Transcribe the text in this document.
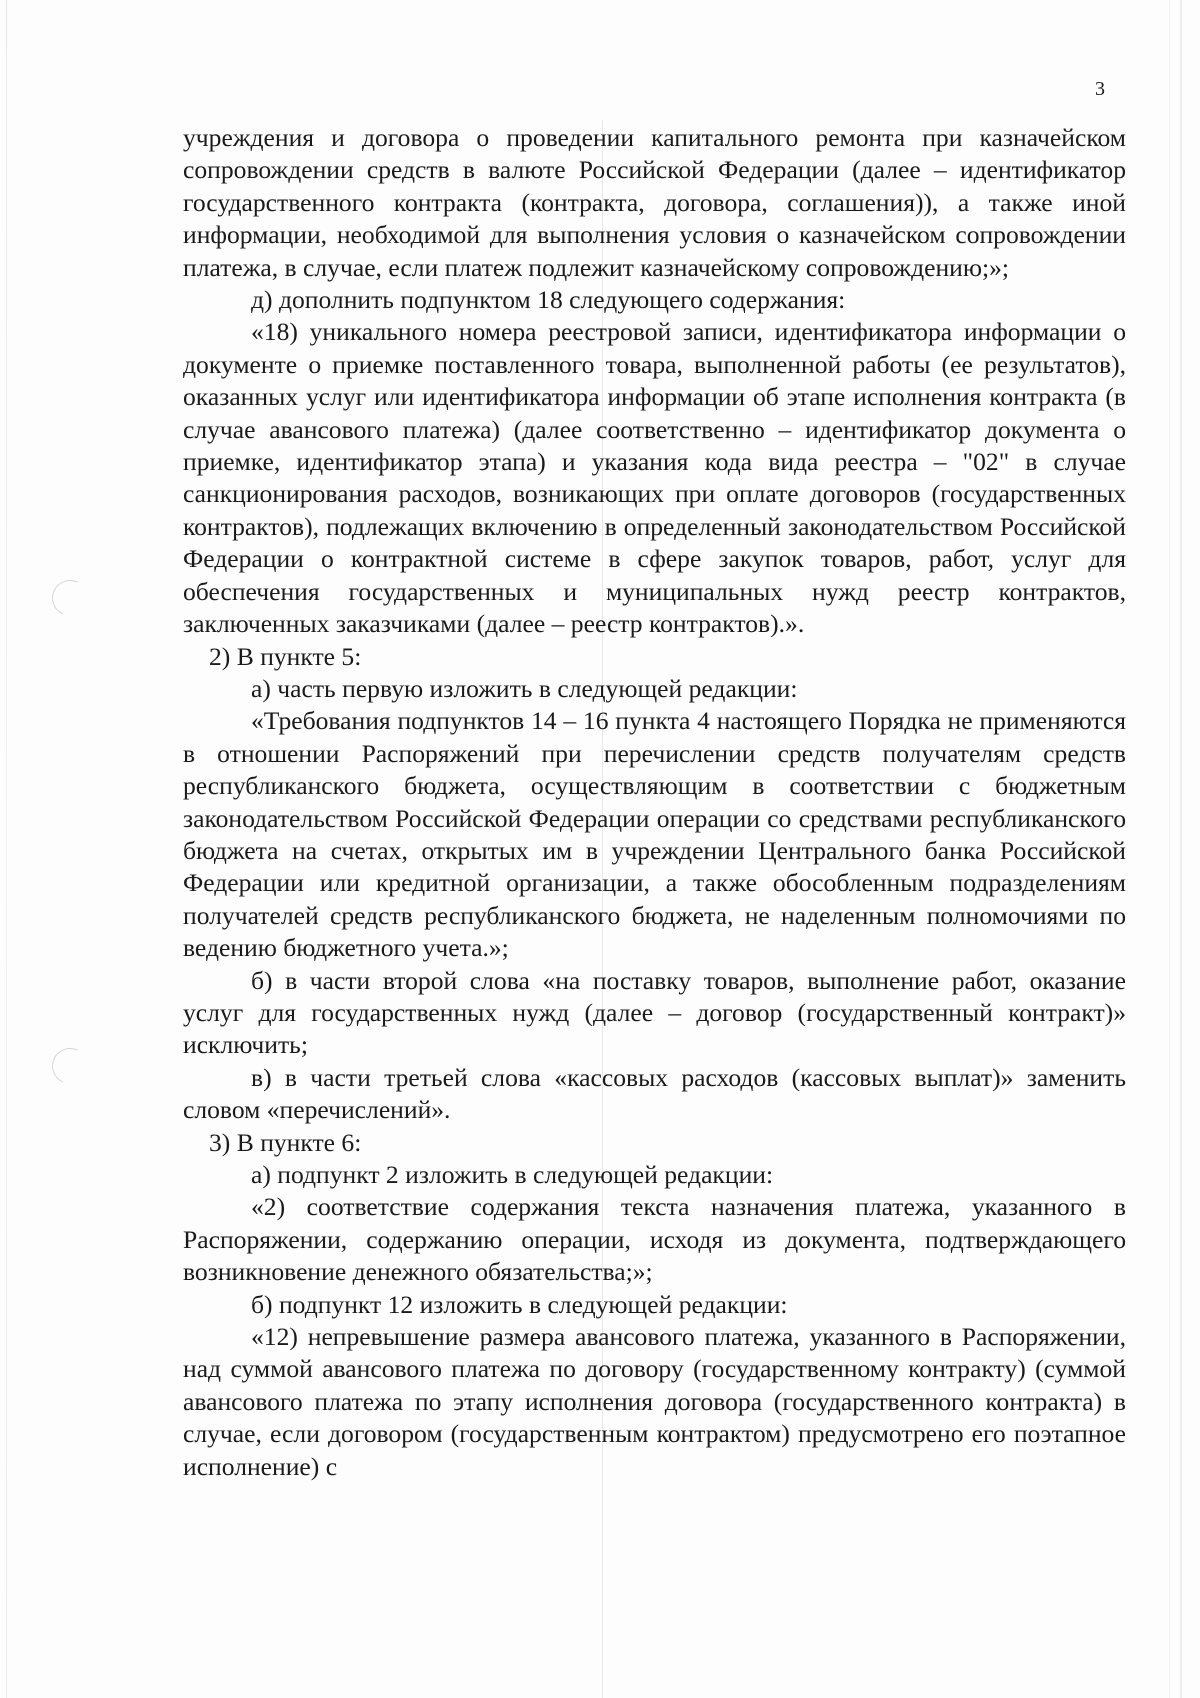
3

учреждения и договора о проведении капитального ремонта при казначейском сопровождении средств в валюте Российской Федерации (далее – идентификатор государственного контракта (контракта, договора, соглашения)), а также иной информации, необходимой для выполнения условия о казначейском сопровождении платежа, в случае, если платеж подлежит казначейскому сопровождению;»;

д) дополнить подпунктом 18 следующего содержания:

«18) уникального номера реестровой записи, идентификатора информации о документе о приемке поставленного товара, выполненной работы (ее результатов), оказанных услуг или идентификатора информации об этапе исполнения контракта (в случае авансового платежа) (далее соответственно – идентификатор документа о приемке, идентификатор этапа) и указания кода вида реестра – "02" в случае санкционирования расходов, возникающих при оплате договоров (государственных контрактов), подлежащих включению в определенный законодательством Российской Федерации о контрактной системе в сфере закупок товаров, работ, услуг для обеспечения государственных и муниципальных нужд реестр контрактов, заключенных заказчиками (далее – реестр контрактов).».

2) В пункте 5:

а) часть первую изложить в следующей редакции:

«Требования подпунктов 14 – 16 пункта 4 настоящего Порядка не применяются в отношении Распоряжений при перечислении средств получателям средств республиканского бюджета, осуществляющим в соответствии с бюджетным законодательством Российской Федерации операции со средствами республиканского бюджета на счетах, открытых им в учреждении Центрального банка Российской Федерации или кредитной организации, а также обособленным подразделениям получателей средств республиканского бюджета, не наделенным полномочиями по ведению бюджетного учета.»;

б) в части второй слова «на поставку товаров, выполнение работ, оказание услуг для государственных нужд (далее – договор (государственный контракт)» исключить;

в) в части третьей слова «кассовых расходов (кассовых выплат)» заменить словом «перечислений».

3) В пункте 6:

а) подпункт 2 изложить в следующей редакции:

«2) соответствие содержания текста назначения платежа, указанного в Распоряжении, содержанию операции, исходя из документа, подтверждающего возникновение денежного обязательства;»;

б) подпункт 12 изложить в следующей редакции:

«12) непревышение размера авансового платежа, указанного в Распоряжении, над суммой авансового платежа по договору (государственному контракту) (суммой авансового платежа по этапу исполнения договора (государственного контракта) в случае, если договором (государственным контрактом) предусмотрено его поэтапное исполнение) с
